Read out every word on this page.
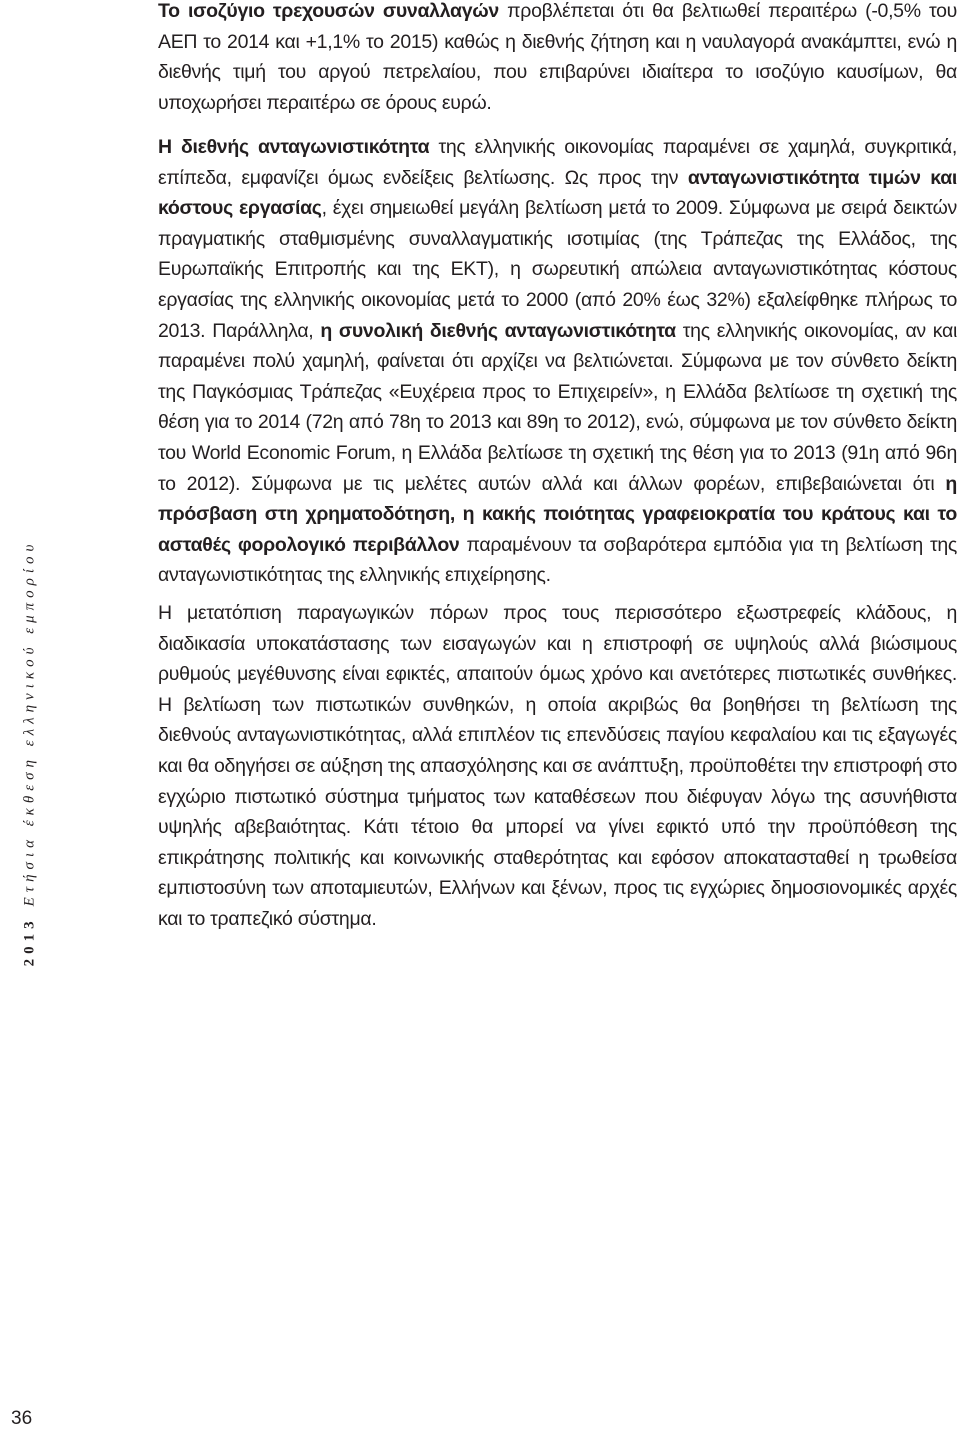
2013Ετήσια έκθεση ελληνικού εμπορίου

Το ισοζύγιο τρεχουσών συναλλαγών προβλέπεται ότι θα βελτιωθεί περαιτέρω (-0,5% του ΑΕΠ το 2014 και +1,1% το 2015) καθώς η διεθνής ζήτηση και η ναυλαγορά ανακάμπτει, ενώ η διεθνής τιμή του αργού πετρελαίου, που επιβαρύνει ιδιαίτερα το ισοζύγιο καυσίμων, θα υποχωρήσει περαιτέρω σε όρους ευρώ.

Η διεθνής ανταγωνιστικότητα της ελληνικής οικονομίας παραμένει σε χαμηλά, συγκριτικά, επίπεδα, εμφανίζει όμως ενδείξεις βελτίωσης. Ως προς την ανταγωνιστικότητα τιμών και κόστους εργασίας, έχει σημειωθεί μεγάλη βελτίωση μετά το 2009. Σύμφωνα με σειρά δεικτών πραγματικής σταθμισμένης συναλλαγματικής ισοτιμίας (της Τράπεζας της Ελλάδος, της Ευρωπαϊκής Επιτροπής και της ΕΚΤ), η σωρευτική απώλεια ανταγωνιστικότητας κόστους εργασίας της ελληνικής οικονομίας μετά το 2000 (από 20% έως 32%) εξαλείφθηκε πλήρως το 2013. Παράλληλα, η συνολική διεθνής ανταγωνιστικότητα της ελληνικής οικονομίας, αν και παραμένει πολύ χαμηλή, φαίνεται ότι αρχίζει να βελτιώνεται. Σύμφωνα με τον σύνθετο δείκτη της Παγκόσμιας Τράπεζας «Ευχέρεια προς το Επιχειρείν», η Ελλάδα βελτίωσε τη σχετική της θέση για το 2014 (72η από 78η το 2013 και 89η το 2012), ενώ, σύμφωνα με τον σύνθετο δείκτη του World Economic Forum, η Ελλάδα βελτίωσε τη σχετική της θέση για το 2013 (91η από 96η το 2012). Σύμφωνα με τις μελέτες αυτών αλλά και άλλων φορέων, επιβεβαιώνεται ότι η πρόσβαση στη χρηματοδότηση, η κακής ποιότητας γραφειοκρατία του κράτους και το ασταθές φορολογικό περιβάλλον παραμένουν τα σοβαρότερα εμπόδια για τη βελτίωση της ανταγωνιστικότητας της ελληνικής επιχείρησης.

Η μετατόπιση παραγωγικών πόρων προς τους περισσότερο εξωστρεφείς κλάδους, η διαδικασία υποκατάστασης των εισαγωγών και η επιστροφή σε υψηλούς αλλά βιώσιμους ρυθμούς μεγέθυνσης είναι εφικτές, απαιτούν όμως χρόνο και ανετότερες πιστωτικές συνθήκες. Η βελτίωση των πιστωτικών συνθηκών, η οποία ακριβώς θα βοηθήσει τη βελτίωση της διεθνούς ανταγωνιστικότητας, αλλά επιπλέον τις επενδύσεις παγίου κεφαλαίου και τις εξαγωγές και θα οδηγήσει σε αύξηση της απασχόλησης και σε ανάπτυξη, προϋποθέτει την επιστροφή στο εγχώριο πιστωτικό σύστημα τμήματος των καταθέσεων που διέφυγαν λόγω της ασυνήθιστα υψηλής αβεβαιότητας. Κάτι τέτοιο θα μπορεί να γίνει εφικτό υπό την προϋπόθεση της επικράτησης πολιτικής και κοινωνικής σταθερότητας και εφόσον αποκατασταθεί η τρωθείσα εμπιστοσύνη των αποταμιευτών, Ελλήνων και ξένων, προς τις εγχώριες δημοσιονομικές αρχές και το τραπεζικό σύστημα.

36
